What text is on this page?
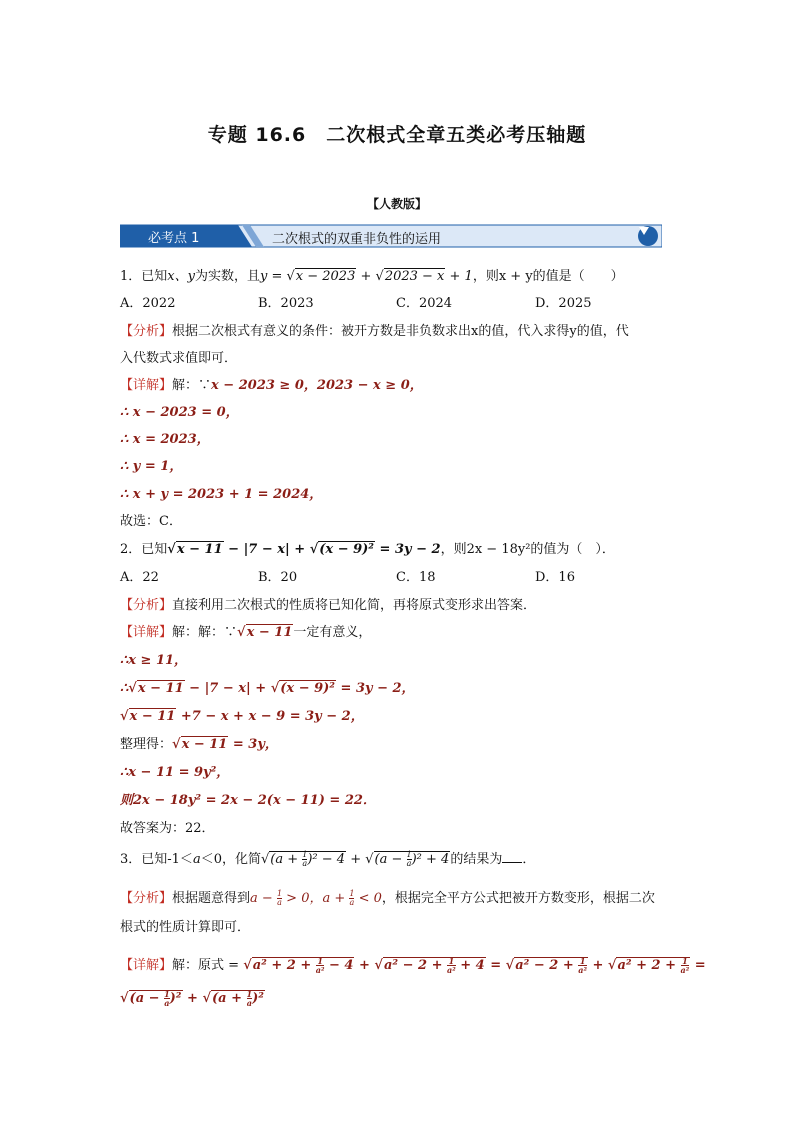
专题 16.6　二次根式全章五类必考压轴题
【人教版】
必考点 1	二次根式的双重非负性的运用
1．已知x、y为实数，且y = √x − 2023 + √2023 − x + 1，则x + y的值是（　　）
A．2022	B．2023	C．2024	D．2025
【分析】根据二次根式有意义的条件：被开方数是非负数求出x的值，代入求得y的值，代
入代数式求值即可．
【详解】解：∵x − 2023 ≥ 0，2023 − x ≥ 0，
∴ x − 2023 = 0，
∴ x = 2023，
∴ y = 1，
∴ x + y = 2023 + 1 = 2024，
故选：C．
2．已知√x − 11 − |7 − x| + √(x − 9)² = 3y − 2，则2x − 18y²的值为（　）．
A．22	B．20	C．18	D．16
【分析】直接利用二次根式的性质将已知化简，再将原式变形求出答案．
【详解】解：解：∵√x − 11一定有意义，
∴x ≥ 11，
∴√x − 11 − |7 − x| + √(x − 9)² = 3y − 2，
√x − 11 +7 − x + x − 9 = 3y − 2，
整理得：√x − 11 = 3y，
∴x − 11 = 9y²，
则2x − 18y² = 2x − 2(x − 11) = 22．
故答案为：22．
3．已知-1＜a＜0，化简$√(a + \frac{1}{a} )^2 - 4 + √(a - \frac{1}{a} )^2 + 4$的结果为 ．
【分析】根据题意得到$a - \frac{1}{a} > 0$，$a + \frac{1}{a} < 0$，根据完全平方公式把被开方数变形，根据二次
根式的性质计算即可．
【详解】解：原式 = $√a^2 + 2 + \frac{1}{\text{a²}} - 4 + √a^2 - 2 + \frac{1}{\text{a²}} + 4 = √a^2 - 2 + \frac{1}{\text{a²}} + √a^2 + 2 + \frac{1}{\text{a²}}$ =
$√(a - \frac{1}{a} )^2 + √(a + \frac{1}{a} )^2$
